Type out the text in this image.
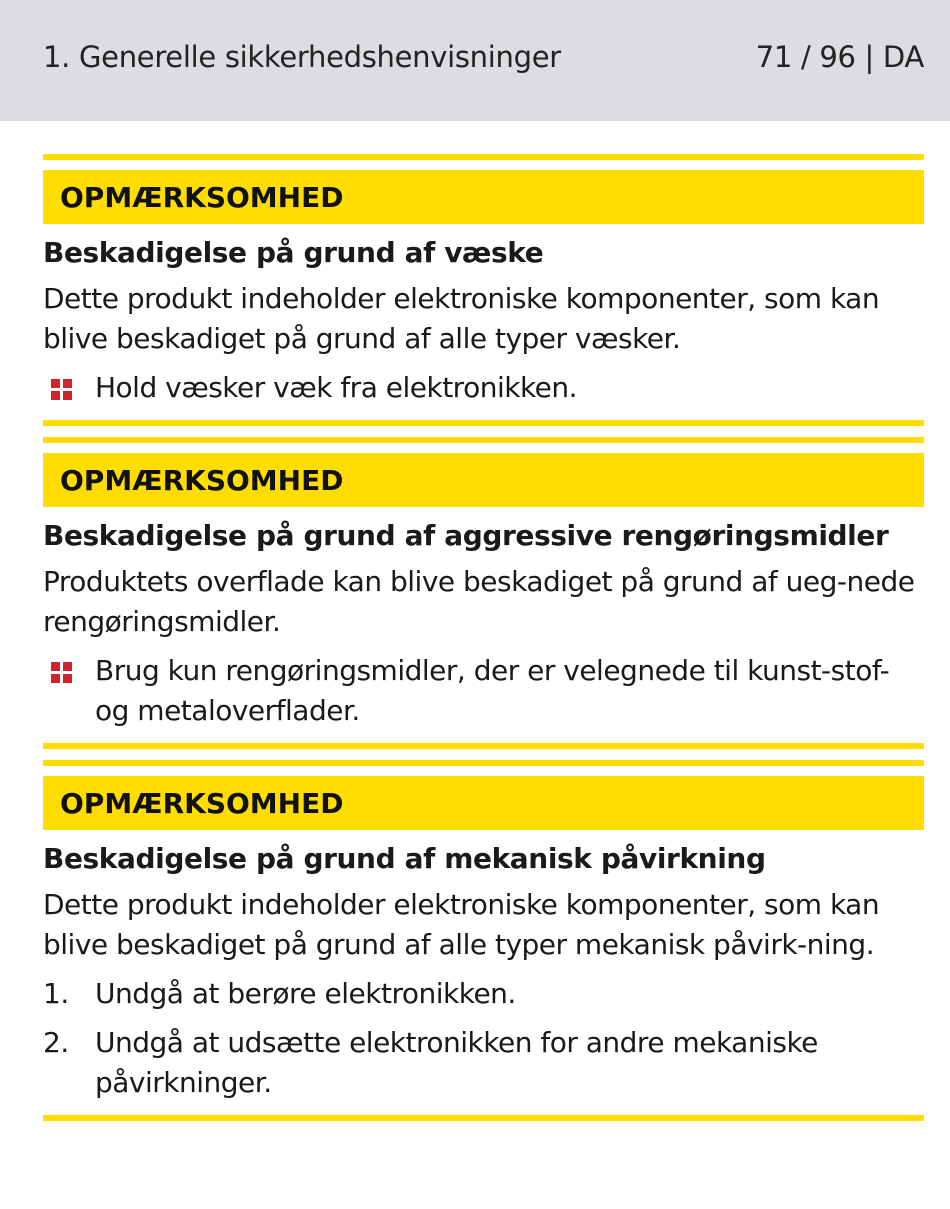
1. Generelle sikkerhedshenvisninger	71 / 96 | DA
OPMÆRKSOMHED
Beskadigelse på grund af væske
Dette produkt indeholder elektroniske komponenter, som kan blive beskadiget på grund af alle typer væsker.
Hold væsker væk fra elektronikken.
OPMÆRKSOMHED
Beskadigelse på grund af aggressive rengøringsmidler
Produktets overflade kan blive beskadiget på grund af ueg-nede rengøringsmidler.
Brug kun rengøringsmidler, der er velegnede til kunst-stof- og metaloverflader.
OPMÆRKSOMHED
Beskadigelse på grund af mekanisk påvirkning
Dette produkt indeholder elektroniske komponenter, som kan blive beskadiget på grund af alle typer mekanisk påvirk-ning.
1. Undgå at berøre elektronikken.
2. Undgå at udsætte elektronikken for andre mekaniske påvirkninger.
